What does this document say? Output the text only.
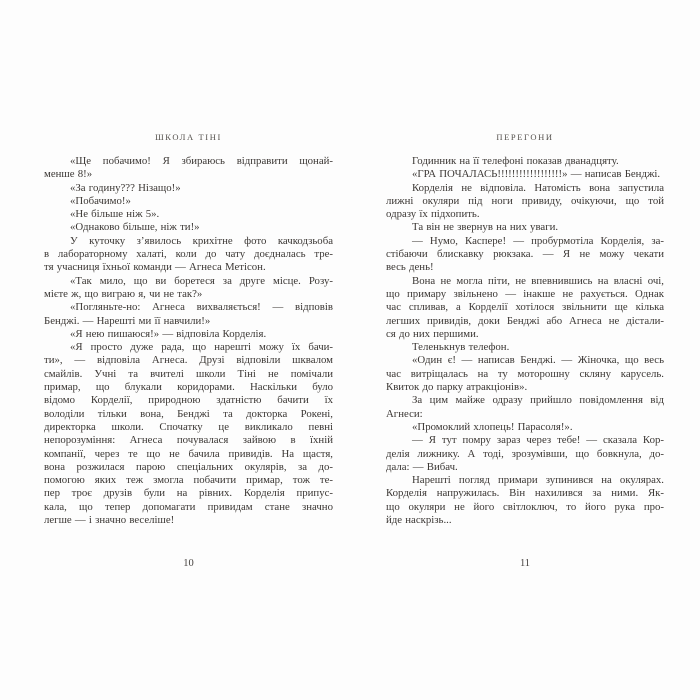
ШКОЛА ТІНІ
«Ще побачимо! Я збираюсь відправити щонай-
менше 8!»
«За годину??? Нізащо!»
«Побачимо!»
«Не більше ніж 5».
«Однаково більше, ніж ти!»
У куточку з’явилось крихітне фото качкодзьоба
в лабораторному халаті, коли до чату доєдналась тре-
тя учасниця їхньої команди — Агнеса Метісон.
«Так мило, що ви боретеся за друге місце. Розу-
мієте ж, що виграю я, чи не так?»
«Погляньте-но: Агнеса вихваляється! — відповів
Бенджі. — Нарешті ми її навчили!»
«Я нею пишаюся!» — відповіла Корделія.
«Я просто дуже рада, що нарешті можу їх бачи-
ти», — відповіла Агнеса. Друзі відповіли шквалом
смайлів. Учні та вчителі школи Тіні не помічали
примар, що блукали коридорами. Наскільки було
відомо Корделії, природною здатністю бачити їх
володіли тільки вона, Бенджі та докторка Рокені,
директорка школи. Спочатку це викликало певні
непорозуміння: Агнеса почувалася зайвою в їхній
компанії, через те що не бачила привидів. На щастя,
вона розжилася парою спеціальних окулярів, за до-
помогою яких теж змогла побачити примар, тож те-
пер троє друзів були на рівних. Корделія припус-
кала, що тепер допомагати привидам стане значно
легше — і значно веселіше!
10
ПЕРЕГОНИ
Годинник на її телефоні показав дванадцяту.
«ГРА ПОЧАЛАСЬ!!!!!!!!!!!!!!!!!!» — написав Бенджі.
Корделія не відповіла. Натомість вона запустила
лижні окуляри під ноги привиду, очікуючи, що той
одразу їх підхопить.
Та він не звернув на них уваги.
— Нумо, Каспере! — пробурмотіла Корделія, за-
стібаючи блискавку рюкзака. — Я не можу чекати
весь день!
Вона не могла піти, не впевнившись на власні очі,
що примару звільнено — інакше не рахується. Однак
час спливав, а Корделії хотілося звільнити ще кілька
легших привидів, доки Бенджі або Агнеса не дістали-
ся до них першими.
Теленькнув телефон.
«Один є! — написав Бенджі. — Жіночка, що весь
час витріщалась на ту моторошну скляну карусель.
Квиток до парку атракціонів».
За цим майже одразу прийшло повідомлення від
Агнеси:
«Промоклий хлопець! Парасоля!».
— Я тут помру зараз через тебе! — сказала Кор-
делія лижнику. А тоді, зрозумівши, що бовкнула, до-
дала: — Вибач.
Нарешті погляд примари зупинився на окулярах.
Корделія напружилась. Він нахилився за ними. Як-
що окуляри не його світлоключ, то його рука про-
йде наскрізь...
11
